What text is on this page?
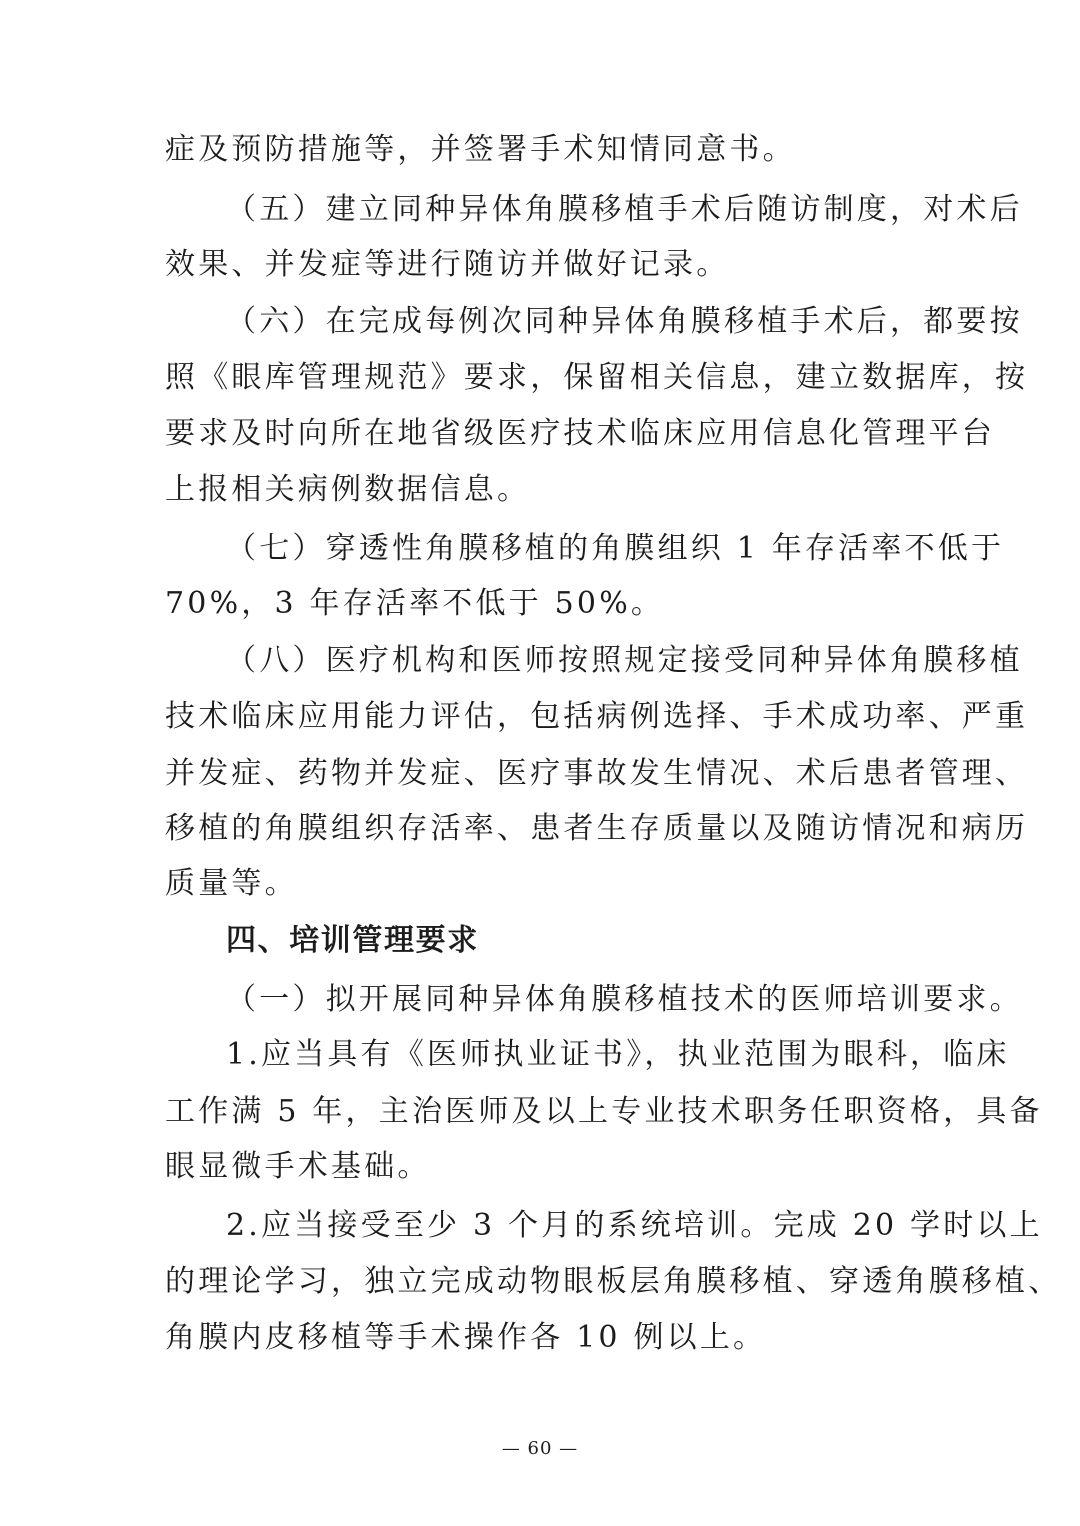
症及预防措施等，并签署手术知情同意书。
（五）建立同种异体角膜移植手术后随访制度，对术后
效果、并发症等进行随访并做好记录。
（六）在完成每例次同种异体角膜移植手术后，都要按
照《眼库管理规范》要求，保留相关信息，建立数据库，按
要求及时向所在地省级医疗技术临床应用信息化管理平台
上报相关病例数据信息。
（七）穿透性角膜移植的角膜组织 1 年存活率不低于
70%，3 年存活率不低于 50%。
（八）医疗机构和医师按照规定接受同种异体角膜移植
技术临床应用能力评估，包括病例选择、手术成功率、严重
并发症、药物并发症、医疗事故发生情况、术后患者管理、
移植的角膜组织存活率、患者生存质量以及随访情况和病历
质量等。
四、培训管理要求
（一）拟开展同种异体角膜移植技术的医师培训要求。
1.应当具有《医师执业证书》，执业范围为眼科，临床
工作满 5 年，主治医师及以上专业技术职务任职资格，具备
眼显微手术基础。
2.应当接受至少 3 个月的系统培训。完成 20 学时以上
的理论学习，独立完成动物眼板层角膜移植、穿透角膜移植、
角膜内皮移植等手术操作各 10 例以上。
— 60 —
